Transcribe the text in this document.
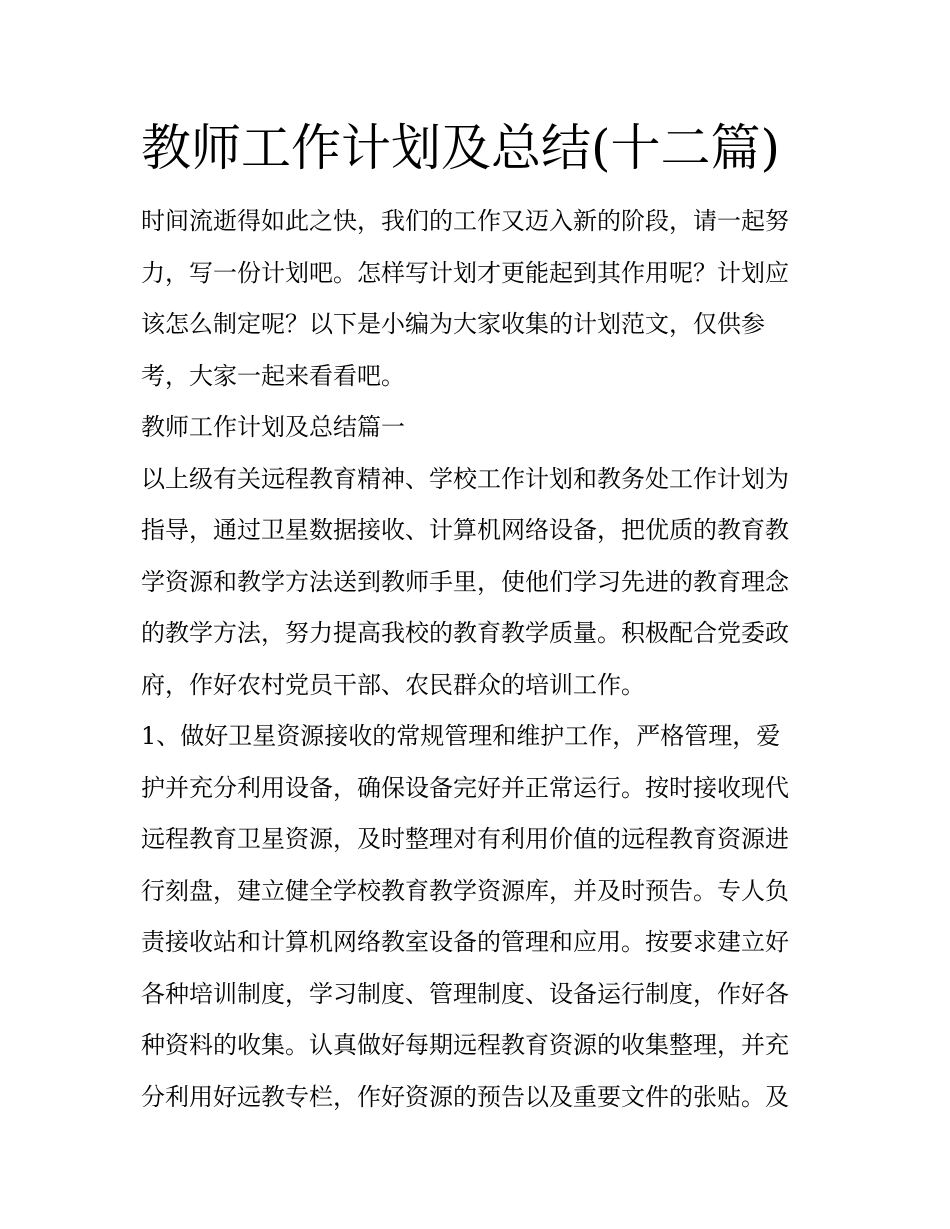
教师工作计划及总结(十二篇)
时间流逝得如此之快，我们的工作又迈入新的阶段，请一起努
力，写一份计划吧。怎样写计划才更能起到其作用呢？计划应
该怎么制定呢？以下是小编为大家收集的计划范文，仅供参
考，大家一起来看看吧。
教师工作计划及总结篇一
以上级有关远程教育精神、学校工作计划和教务处工作计划为
指导，通过卫星数据接收、计算机网络设备，把优质的教育教
学资源和教学方法送到教师手里，使他们学习先进的教育理念
的教学方法，努力提高我校的教育教学质量。积极配合党委政
府，作好农村党员干部、农民群众的培训工作。
1、做好卫星资源接收的常规管理和维护工作，严格管理，爱
护并充分利用设备，确保设备完好并正常运行。按时接收现代
远程教育卫星资源，及时整理对有利用价值的远程教育资源进
行刻盘，建立健全学校教育教学资源库，并及时预告。专人负
责接收站和计算机网络教室设备的管理和应用。按要求建立好
各种培训制度，学习制度、管理制度、设备运行制度，作好各
种资料的收集。认真做好每期远程教育资源的收集整理，并充
分利用好远教专栏，作好资源的预告以及重要文件的张贴。及
